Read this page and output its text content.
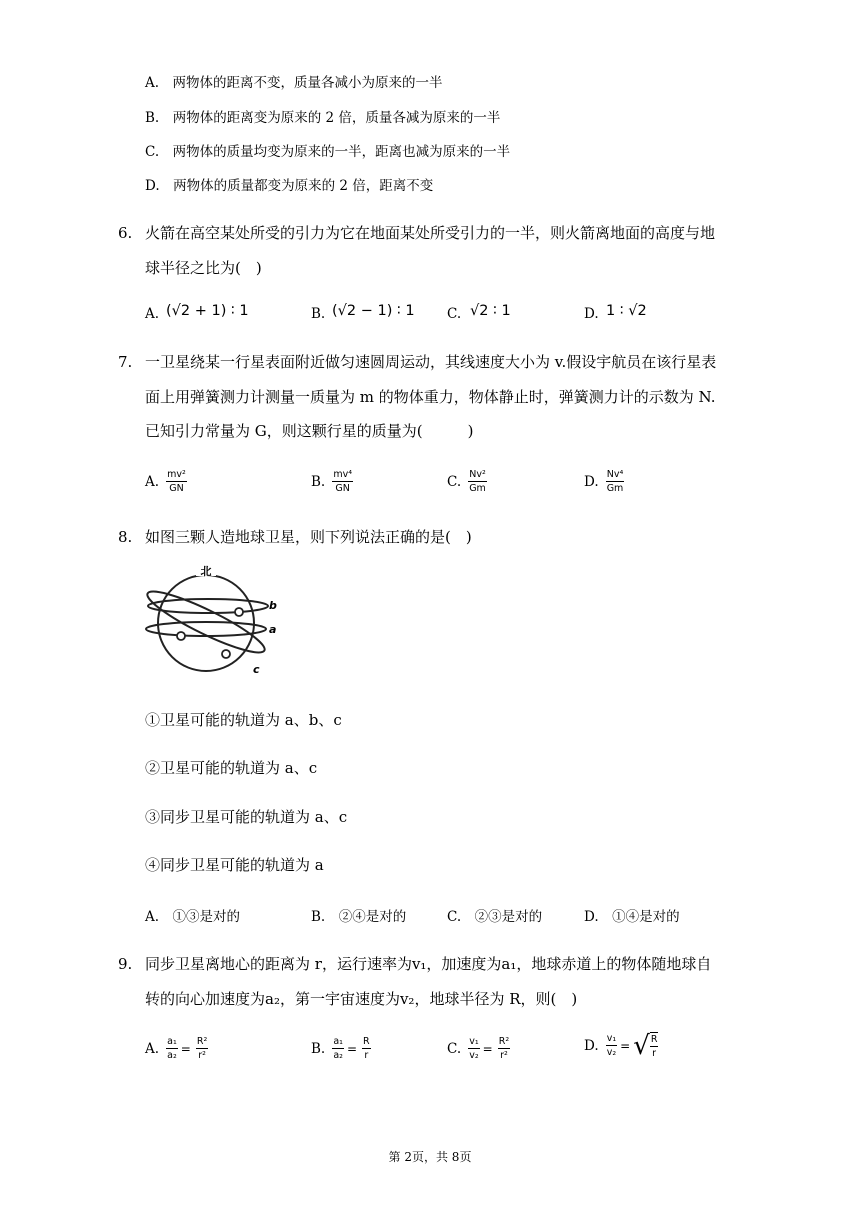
A.　两物体的距离不变，质量各减小为原来的一半
B.　两物体的距离变为原来的 2 倍，质量各减为原来的一半
C.　两物体的质量均变为原来的一半，距离也减为原来的一半
D.　两物体的质量都变为原来的 2 倍，距离不变
6. 火箭在高空某处所受的引力为它在地面某处所受引力的一半，则火箭离地面的高度与地
球半径之比为(　)
A. (√2 + 1) ∶ 1	B. (√2 − 1) ∶ 1 C. √2 ∶ 1	D. 1 ∶ √2
7. 一卫星绕某一行星表面附近做匀速圆周运动，其线速度大小为 v.假设宇航员在该行星表
面上用弹簧测力计测量一质量为 m 的物体重力，物体静止时，弹簧测力计的示数为 N.
已知引力常量为 G，则这颗行星的质量为(　　　)
A. $\frac{\text{mv²}}{GN}$	B. $\frac{\text{mv⁴}}{GN}$	C. $\frac{\text{Nv²}}{Gm}$	D. $\frac{\text{Nv⁴}}{Gm}$
8. 如图三颗人造地球卫星，则下列说法正确的是(　)
北
b
a
c
①卫星可能的轨道为 a、b、c
②卫星可能的轨道为 a、c
③同步卫星可能的轨道为 a、c
④同步卫星可能的轨道为 a
A.　①③是对的	B.　②④是对的	C.　②③是对的	D.　①④是对的
9. 同步卫星离地心的距离为 r，运行速率为v₁，加速度为a₁，地球赤道上的物体随地球自
转的向心加速度为a₂，第一宇宙速度为v₂，地球半径为 R，则(　)
A. $\frac{\text{a₁}}{\text{a₂}} = \frac{\text{R²}}{\text{r²}}$	B. $\frac{\text{a₁}}{\text{a₂}} = \frac{R}{r}$	C. $\frac{\text{v₁}}{\text{v₂}} = \frac{\text{R²}}{\text{r²}}$	D. $\frac{\text{v₁}}{\text{v₂}}$ = √ $\frac{R}{r}$
第 2页，共 8页
